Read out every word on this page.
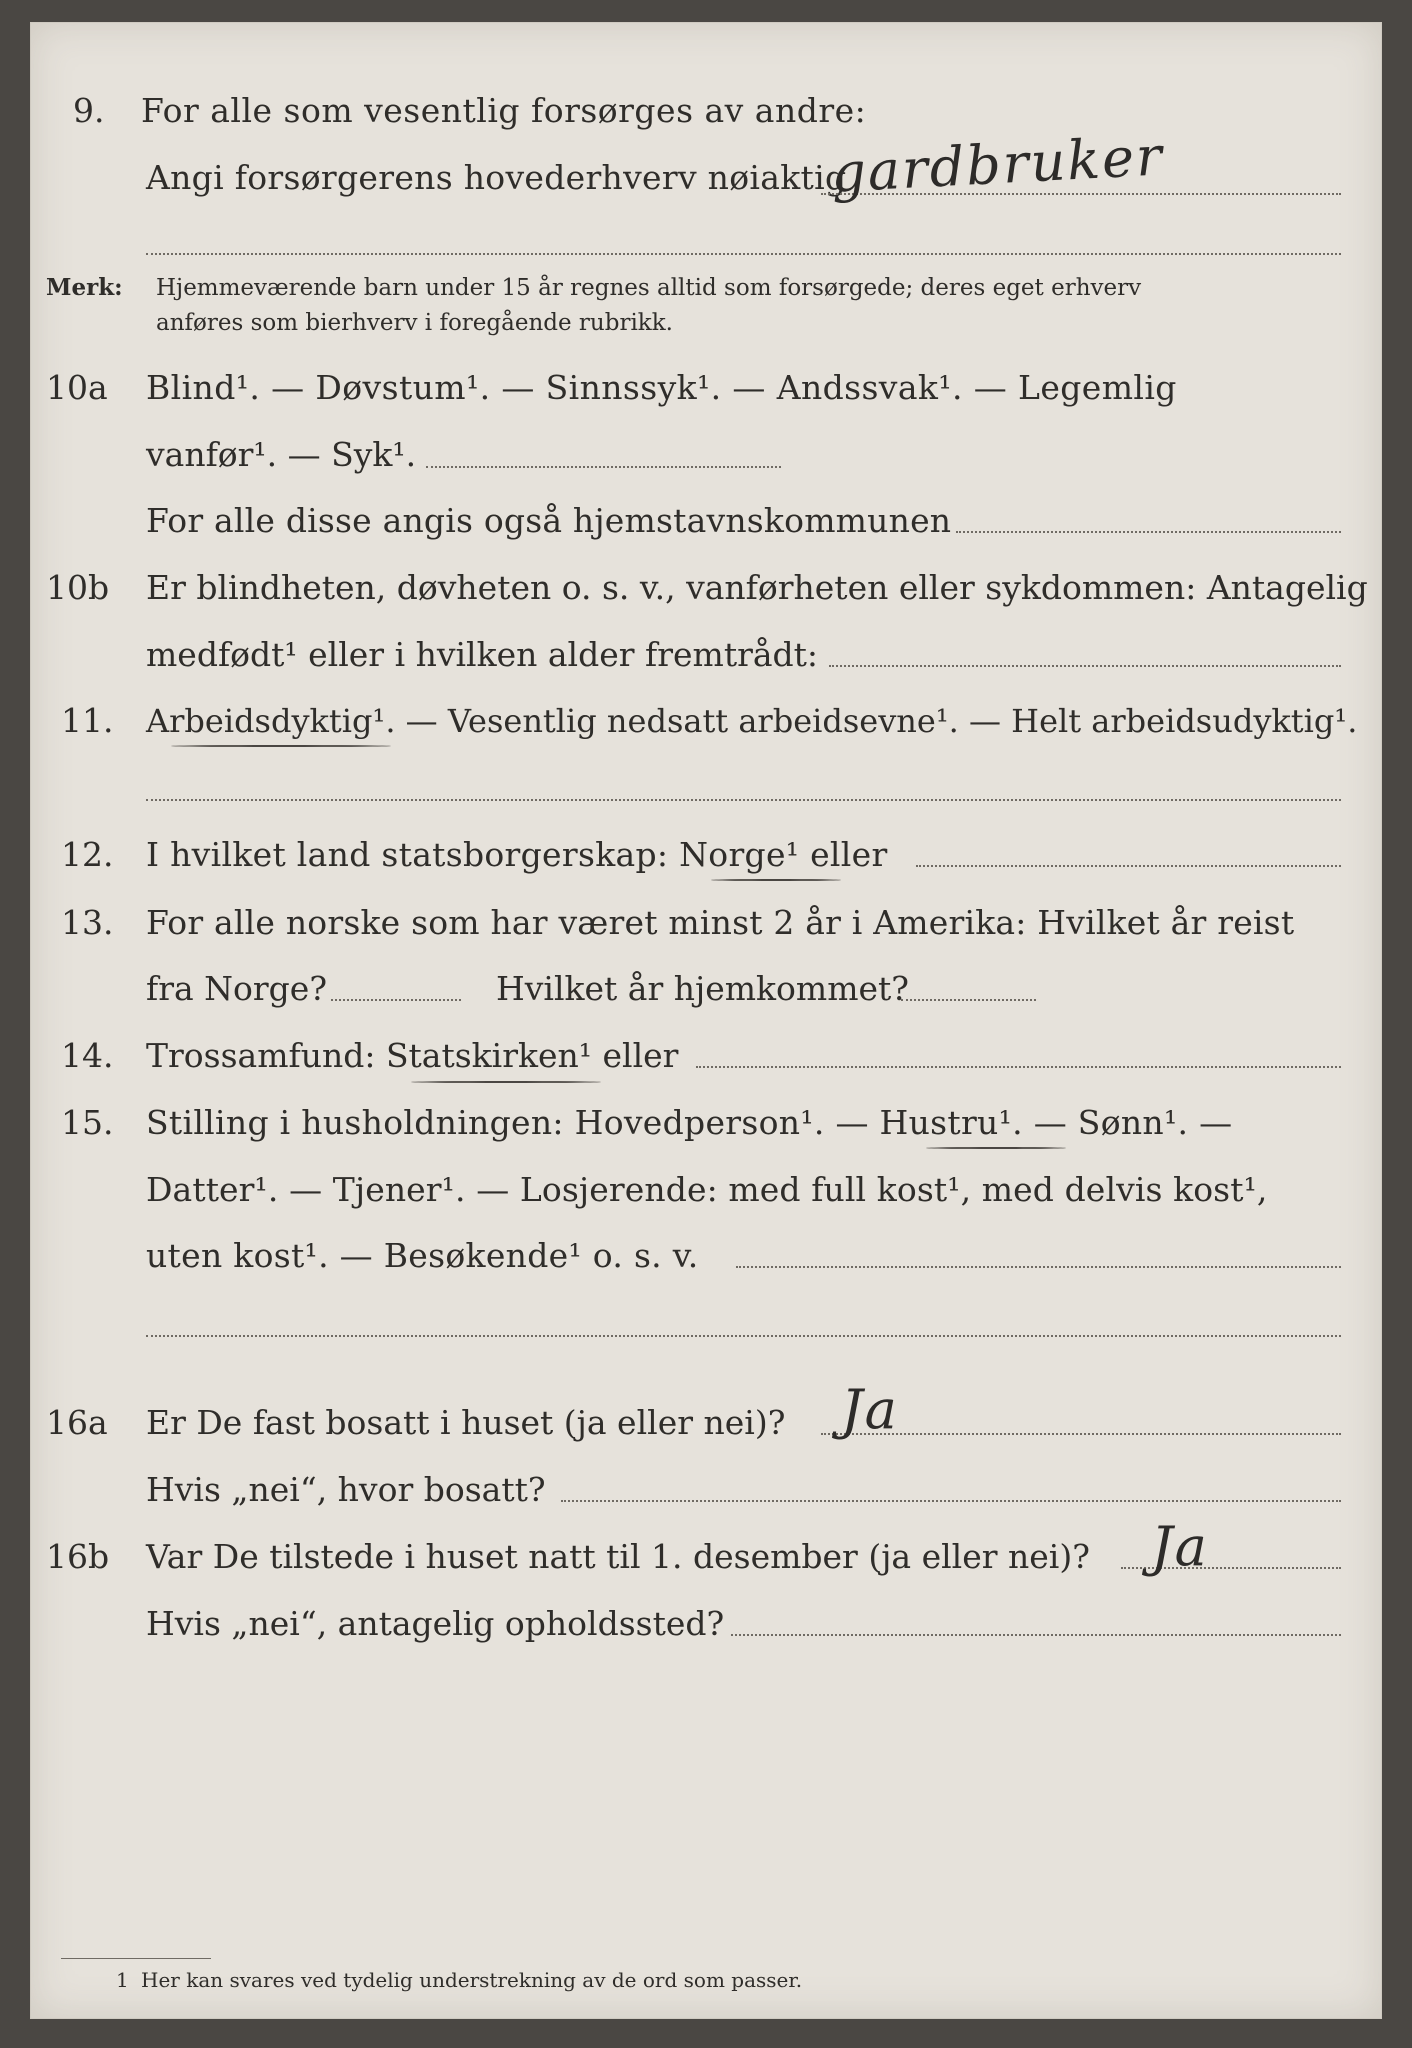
9. For alle som vesentlig forsørges av andre:
Angi forsørgerens hovederhverv nøiaktig
gardbruker
Merk: Hjemmeværende barn under 15 år regnes alltid som forsørgede; deres eget erhverv
anføres som bierhverv i foregående rubrikk.
10a Blind¹. — Døvstum¹. — Sinnssyk¹. — Andssvak¹. — Legemlig
vanfør¹. — Syk¹.
For alle disse angis også hjemstavnskommunen
10b Er blindheten, døvheten o. s. v., vanførheten eller sykdommen: Antagelig
medfødt¹ eller i hvilken alder fremtrådt:
11. Arbeidsdyktig¹. — Vesentlig nedsatt arbeidsevne¹. — Helt arbeidsudyktig¹.
12. I hvilket land statsborgerskap: Norge¹ eller
13. For alle norske som har været minst 2 år i Amerika: Hvilket år reist
fra Norge?	Hvilket år hjemkommet?
14. Trossamfund: Statskirken¹ eller
15. Stilling i husholdningen: Hovedperson¹. — Hustru¹. — Sønn¹. —
Datter¹. — Tjener¹. — Losjerende: med full kost¹, med delvis kost¹,
uten kost¹. — Besøkende¹ o. s. v.
16a Er De fast bosatt i huset (ja eller nei)? Ja
Hvis „nei“, hvor bosatt?
16b Var De tilstede i huset natt til 1. desember (ja eller nei)? Ja
Hvis „nei“, antagelig opholdssted?
1 Her kan svares ved tydelig understrekning av de ord som passer.
